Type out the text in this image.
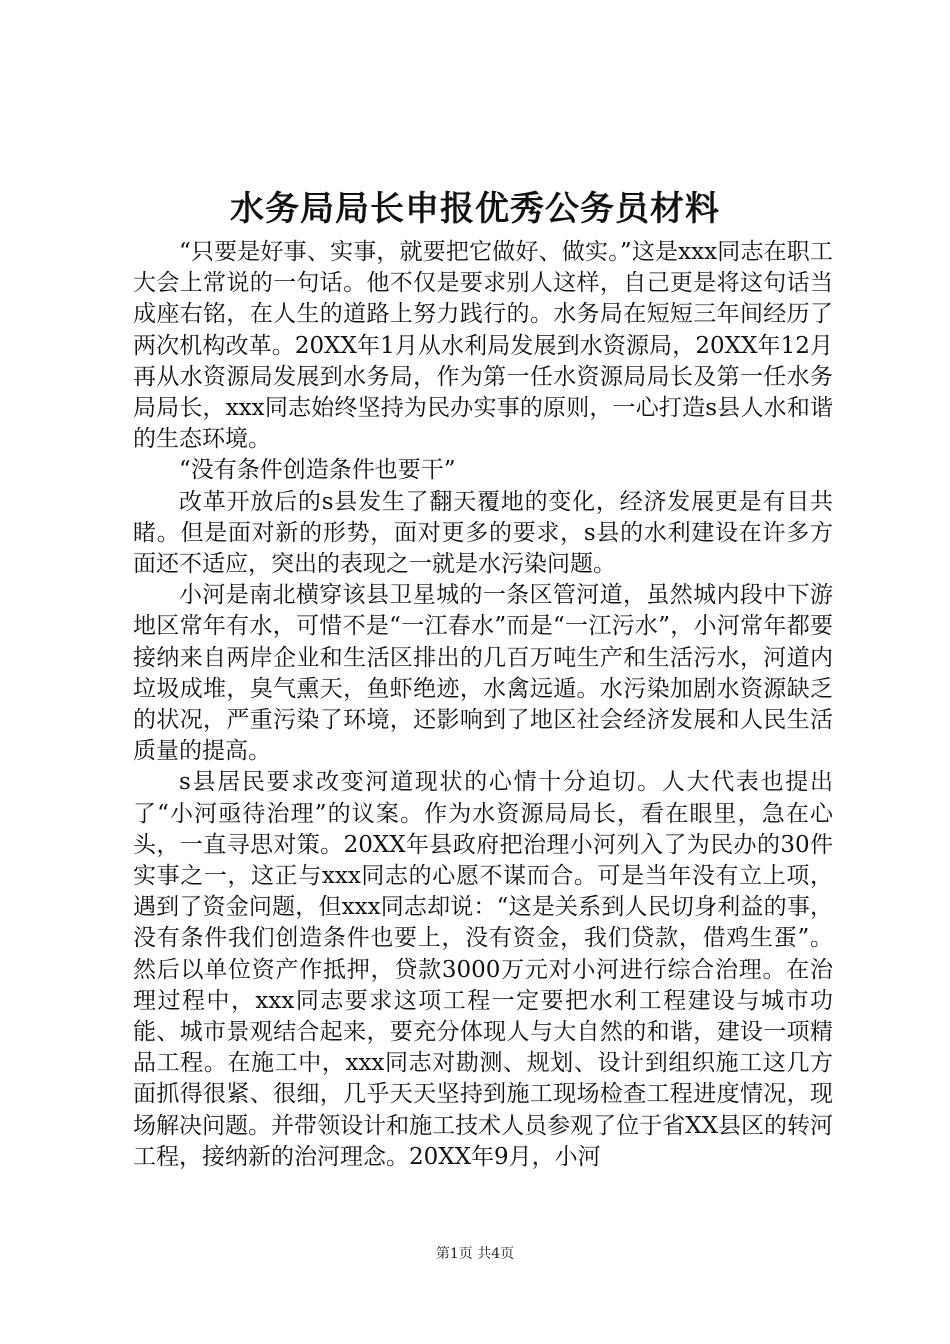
水务局局长申报优秀公务员材料

“只要是好事、实事，就要把它做好、做实。”这是xxx同志在职工大会上常说的一句话。他不仅是要求别人这样，自己更是将这句话当成座右铭，在人生的道路上努力践行的。水务局在短短三年间经历了两次机构改革。20XX年1月从水利局发展到水资源局，20XX年12月再从水资源局发展到水务局，作为第一任水资源局局长及第一任水务局局长，xxx同志始终坚持为民办实事的原则，一心打造s县人水和谐的生态环境。

“没有条件创造条件也要干”

改革开放后的s县发生了翻天覆地的变化，经济发展更是有目共睹。但是面对新的形势，面对更多的要求，s县的水利建设在许多方面还不适应，突出的表现之一就是水污染问题。

小河是南北横穿该县卫星城的一条区管河道，虽然城内段中下游地区常年有水，可惜不是“一江春水”而是“一江污水”，小河常年都要接纳来自两岸企业和生活区排出的几百万吨生产和生活污水，河道内垃圾成堆，臭气熏天，鱼虾绝迹，水禽远遁。水污染加剧水资源缺乏的状况，严重污染了环境，还影响到了地区社会经济发展和人民生活质量的提高。

s县居民要求改变河道现状的心情十分迫切。人大代表也提出了“小河亟待治理”的议案。作为水资源局局长，看在眼里，急在心头，一直寻思对策。20XX年县政府把治理小河列入了为民办的30件实事之一，这正与xxx同志的心愿不谋而合。可是当年没有立上项，遇到了资金问题，但xxx同志却说：“这是关系到人民切身利益的事，没有条件我们创造条件也要上，没有资金，我们贷款，借鸡生蛋”。然后以单位资产作抵押，贷款3000万元对小河进行综合治理。在治理过程中，xxx同志要求这项工程一定要把水利工程建设与城市功能、城市景观结合起来，要充分体现人与大自然的和谐，建设一项精品工程。在施工中，xxx同志对勘测、规划、设计到组织施工这几方面抓得很紧、很细，几乎天天坚持到施工现场检查工程进度情况，现场解决问题。并带领设计和施工技术人员参观了位于省XX县区的转河工程，接纳新的治河理念。20XX年9月，小河

第1页 共4页
